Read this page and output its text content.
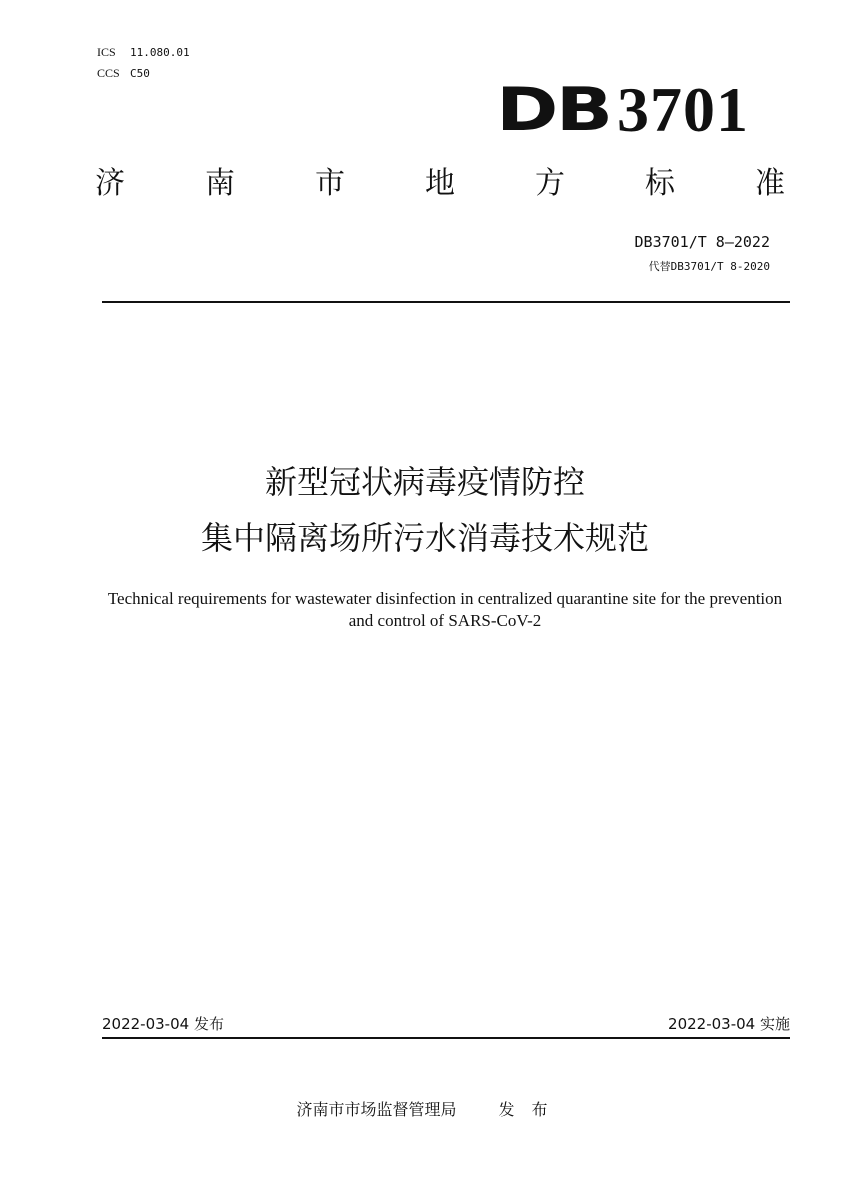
ICS 11.080.01
CCS C50
DB 3701
济	南	市	地	方	标	准
DB3701/T 8—2022
代替DB3701/T 8-2020
新型冠状病毒疫情防控
集中隔离场所污水消毒技术规范
Technical requirements for wastewater disinfection in centralized quarantine site for the prevention and control of SARS-CoV-2
2022-03-04 发布	2022-03-04 实施
济南市市场监督管理局	发 布
